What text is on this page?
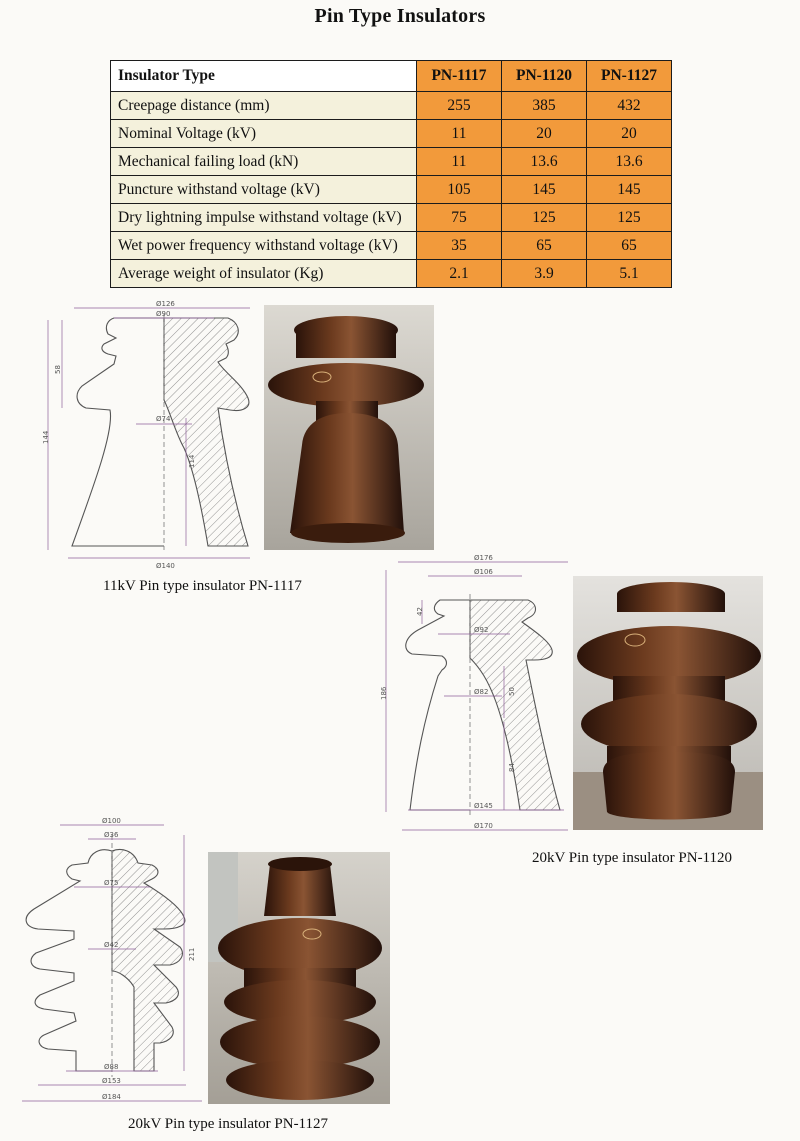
Pin Type Insulators
Insulator Type	PN-1117	PN-1120	PN-1127
Creepage distance (mm)	255	385	432
Nominal Voltage (kV)	11	20	20
Mechanical failing load (kN)	11	13.6	13.6
Puncture withstand voltage (kV)	105	145	145
Dry lightning impulse withstand voltage (kV)	75	125	125
Wet power frequency withstand voltage (kV)	35	65	65
Average weight of insulator (Kg)	2.1	3.9	5.1
Ø126
Ø90
Ø74
Ø140
144
58
114
11kV Pin type insulator PN-1117
Ø176
Ø106
Ø92
Ø82
Ø145
Ø170
186
42
50
84
20kV Pin type insulator PN-1120
Ø100
Ø36
Ø75
Ø42
Ø88
Ø153
Ø184
211
20kV Pin type insulator PN-1127
